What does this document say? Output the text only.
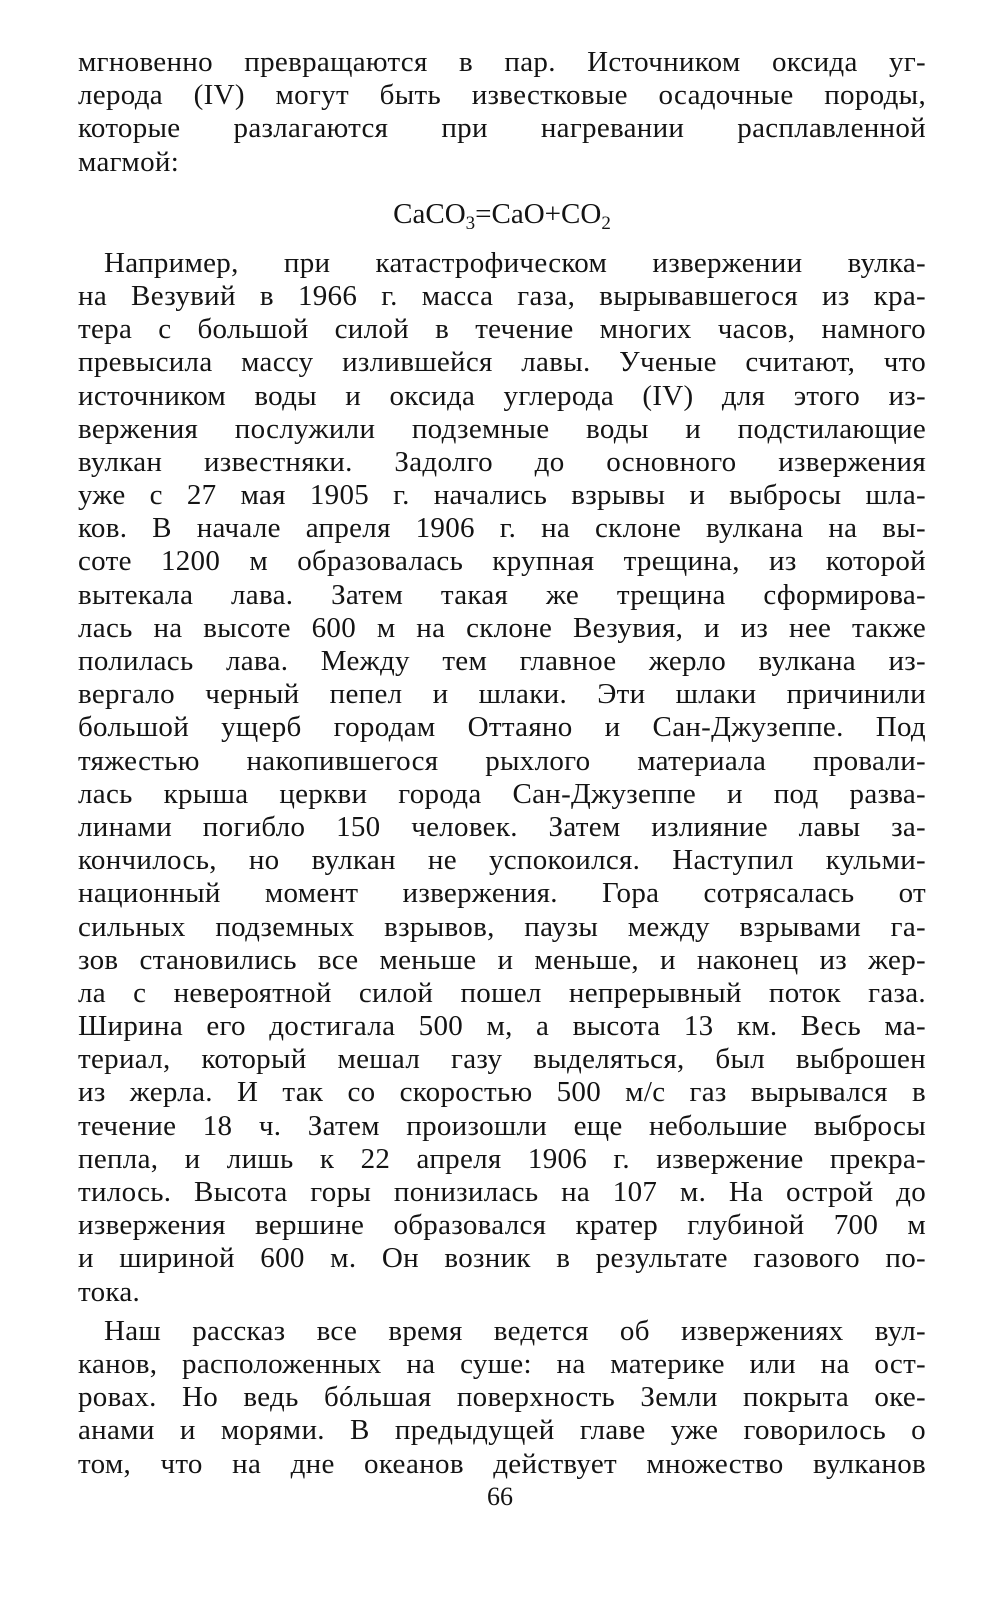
мгновенно превращаются в пар. Источником оксида уг-
лерода (IV) могут быть известковые осадочные породы,
которые разлагаются при нагревании расплавленной
магмой:
$CaCO_3=CaO+CO_2$
Например, при катастрофическом извержении вулка-
на Везувий в 1966 г. масса газа, вырывавшегося из кра-
тера с большой силой в течение многих часов, намного
превысила массу излившейся лавы. Ученые считают, что
источником воды и оксида углерода (IV) для этого из-
вержения послужили подземные воды и подстилающие
вулкан известняки. Задолго до основного извержения
уже с 27 мая 1905 г. начались взрывы и выбросы шла-
ков. В начале апреля 1906 г. на склоне вулкана на вы-
соте 1200 м образовалась крупная трещина, из которой
вытекала лава. Затем такая же трещина сформирова-
лась на высоте 600 м на склоне Везувия, и из нее также
полилась лава. Между тем главное жерло вулкана из-
вергало черный пепел и шлаки. Эти шлаки причинили
большой ущерб городам Оттаяно и Сан-Джузеппе. Под
тяжестью накопившегося рыхлого материала провали-
лась крыша церкви города Сан-Джузеппе и под разва-
линами погибло 150 человек. Затем излияние лавы за-
кончилось, но вулкан не успокоился. Наступил кульми-
национный момент извержения. Гора сотрясалась от
сильных подземных взрывов, паузы между взрывами га-
зов становились все меньше и меньше, и наконец из жер-
ла с невероятной силой пошел непрерывный поток газа.
Ширина его достигала 500 м, а высота 13 км. Весь ма-
териал, который мешал газу выделяться, был выброшен
из жерла. И так со скоростью 500 м/с газ вырывался в
течение 18 ч. Затем произошли еще небольшие выбросы
пепла, и лишь к 22 апреля 1906 г. извержение прекра-
тилось. Высота горы понизилась на 107 м. На острой до
извержения вершине образовался кратер глубиной 700 м
и шириной 600 м. Он возник в результате газового по-
тока.
Наш рассказ все время ведется об извержениях вул-
канов, расположенных на суше: на материке или на ост-
ровах. Но ведь бóльшая поверхность Земли покрыта оке-
анами и морями. В предыдущей главе уже говорилось о
том, что на дне океанов действует множество вулканов
66
